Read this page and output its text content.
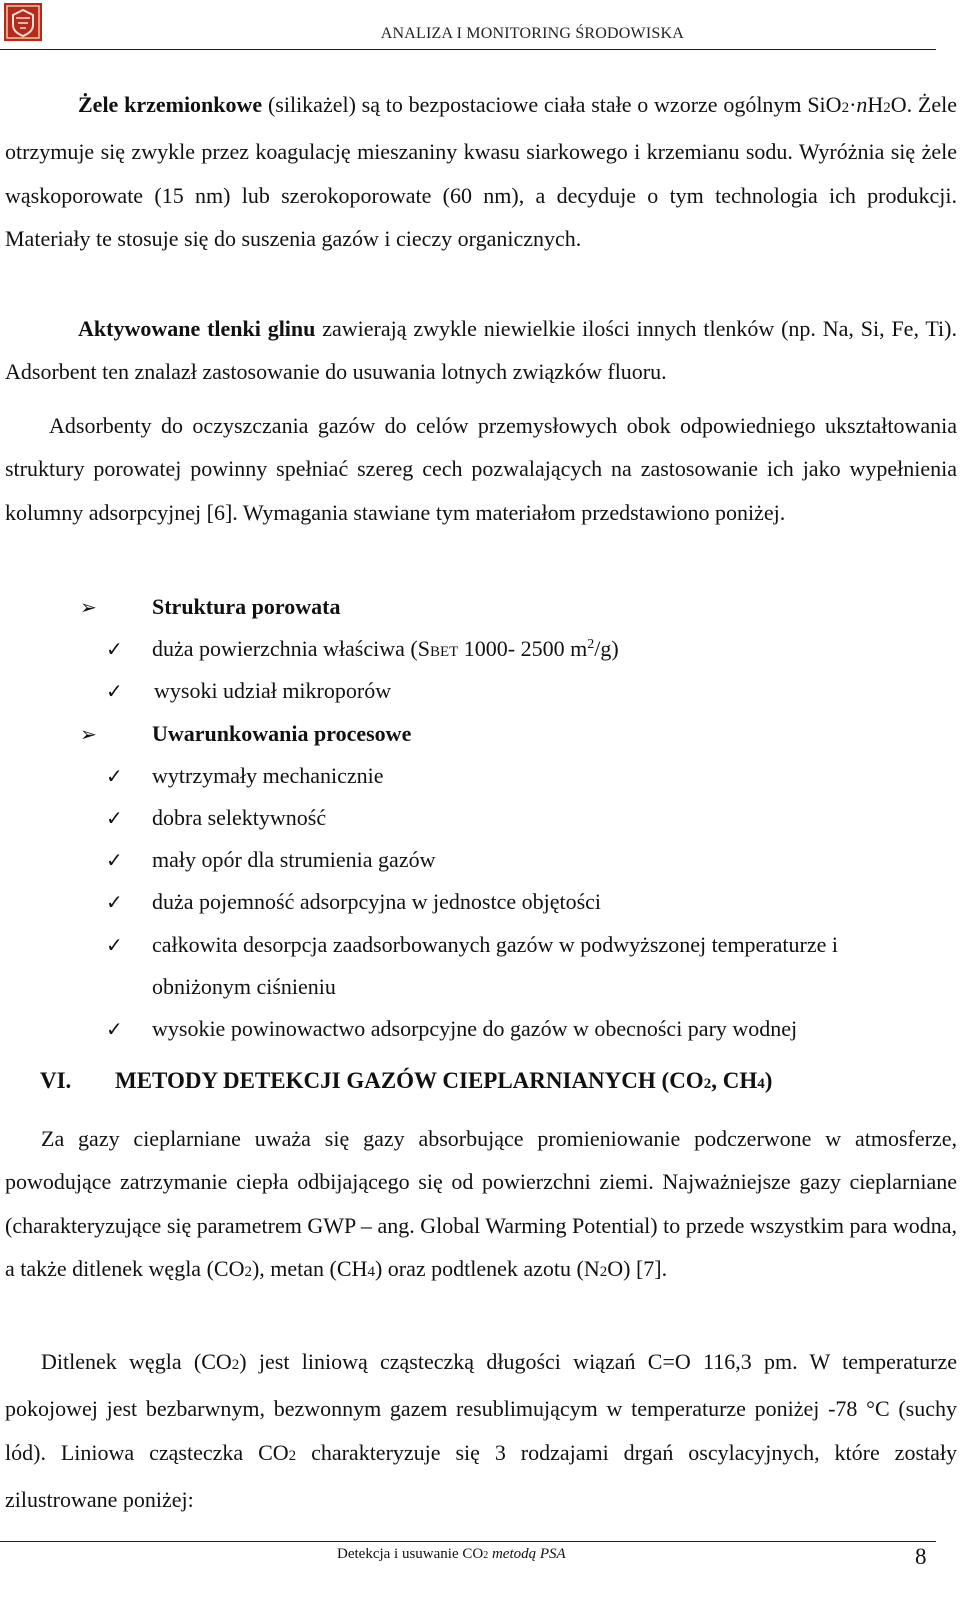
ANALIZA I MONITORING ŚRODOWISKA
Żele krzemionkowe (silikażel) są to bezpostaciowe ciała stałe o wzorze ogólnym SiO2·nH2O. Żele otrzymuje się zwykle przez koagulację mieszaniny kwasu siarkowego i krzemianu sodu. Wyróżnia się żele wąskoporowate (15 nm) lub szerokoporowate (60 nm), a decyduje o tym technologia ich produkcji. Materiały te stosuje się do suszenia gazów i cieczy organicznych.
Aktywowane tlenki glinu zawierają zwykle niewielkie ilości innych tlenków (np. Na, Si, Fe, Ti). Adsorbent ten znalazł zastosowanie do usuwania lotnych związków fluoru.
Adsorbenty do oczyszczania gazów do celów przemysłowych obok odpowiedniego ukształtowania struktury porowatej powinny spełniać szereg cech pozwalających na zastosowanie ich jako wypełnienia kolumny adsorpcyjnej [6]. Wymagania stawiane tym materiałom przedstawiono poniżej.
➢	Struktura porowata
✓ duża powierzchnia właściwa (SBET 1000- 2500 $m^2/g$)
✓ wysoki udział mikroporów
➢	Uwarunkowania procesowe
✓ wytrzymały mechanicznie
✓ dobra selektywność
✓ mały opór dla strumienia gazów
✓ duża pojemność adsorpcyjna w jednostce objętości
✓ całkowita desorpcja zaadsorbowanych gazów w podwyższonej temperaturze i
obniżonym ciśnieniu
✓ wysokie powinowactwo adsorpcyjne do gazów w obecności pary wodnej
VI. METODY DETEKCJI GAZÓW CIEPLARNIANYCH (CO2, CH4)
Za gazy cieplarniane uważa się gazy absorbujące promieniowanie podczerwone w atmosferze, powodujące zatrzymanie ciepła odbijającego się od powierzchni ziemi. Najważniejsze gazy cieplarniane (charakteryzujące się parametrem GWP – ang. Global Warming Potential) to przede wszystkim para wodna, a także ditlenek węgla (CO2), metan (CH4) oraz podtlenek azotu (N2O) [7].
Ditlenek węgla (CO2) jest liniową cząsteczką długości wiązań C=O 116,3 pm. W temperaturze pokojowej jest bezbarwnym, bezwonnym gazem resublimującym w temperaturze poniżej -78 °C (suchy lód). Liniowa cząsteczka CO2 charakteryzuje się 3 rodzajami drgań oscylacyjnych, które zostały zilustrowane poniżej:
Detekcja i usuwanie CO2 metodą PSA	8
